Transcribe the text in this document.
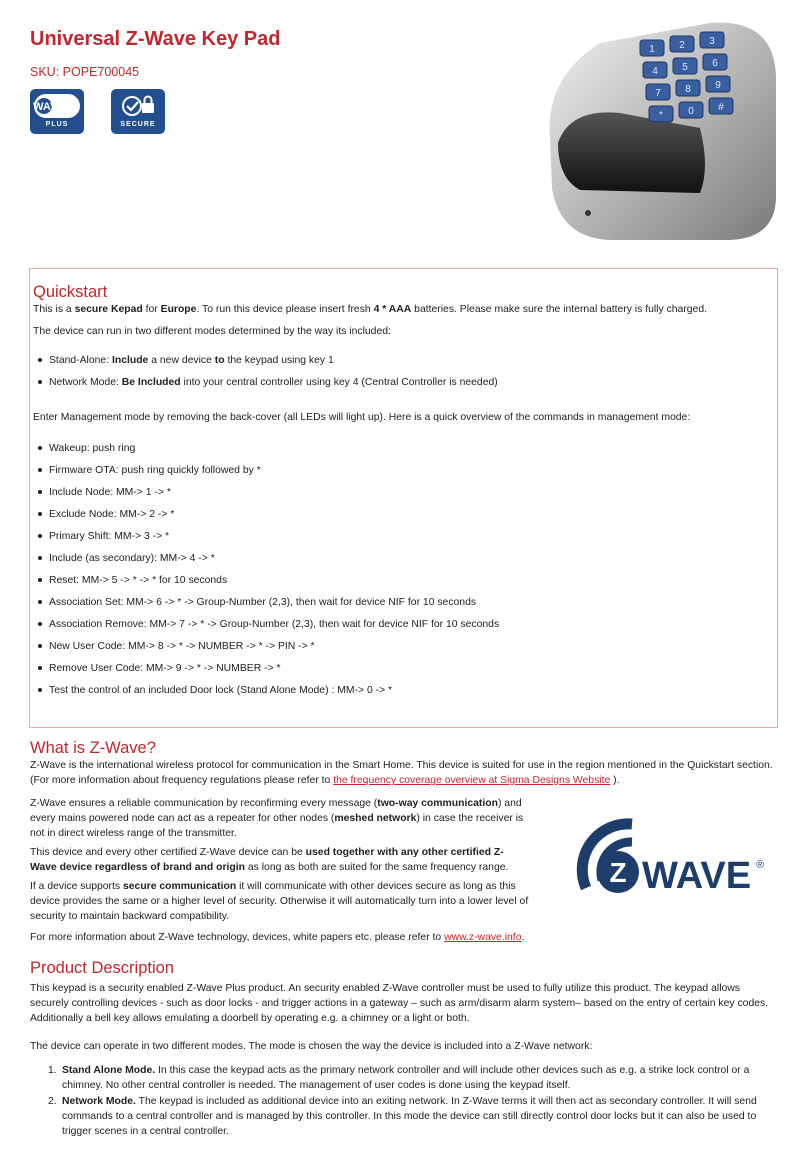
Universal Z-Wave Key Pad
SKU: POPE700045
Z WAVE
PLUS	SECURE
1 2 3
4 5 6
7 8 9
*	0 #
Quickstart
This is a secure Kepad for Europe. To run this device please insert fresh 4 * AAA batteries. Please make sure the internal battery is fully charged.
The device can run in two different modes determined by the way its included:
Stand-Alone: Include a new device to the keypad using key 1
Network Mode: Be Included into your central controller using key 4 (Central Controller is needed)
Enter Management mode by removing the back-cover (all LEDs will light up). Here is a quick overview of the commands in management mode:
Wakeup: push ring
Firmware OTA: push ring quickly followed by *
Include Node: MM-> 1 -> *
Exclude Node: MM-> 2 -> *
Primary Shift: MM-> 3 -> *
Include (as secondary): MM-> 4 -> *
Reset: MM-> 5 -> * -> * for 10 seconds
Association Set: MM-> 6 -> * -> Group-Number (2,3), then wait for device NIF for 10 seconds
Association Remove: MM-> 7 -> * -> Group-Number (2,3), then wait for device NIF for 10 seconds
New User Code: MM-> 8 -> * -> NUMBER -> * -> PIN -> *
Remove User Code: MM-> 9 -> * -> NUMBER -> *
Test the control of an included Door lock (Stand Alone Mode) : MM-> 0 -> *
What is Z-Wave?
Z-Wave is the international wireless protocol for communication in the Smart Home. This device is suited for use in the region mentioned in the Quickstart section.
(For more information about frequency regulations please refer to the frequency coverage overview at Sigma Designs Website ).
Z-Wave ensures a reliable communication by reconfirming every message (two-way communication) and every mains powered node can act as a repeater for other nodes (meshed network) in case the receiver is not in direct wireless range of the transmitter.
This device and every other certified Z-Wave device can be used together with any other certified Z-Wave device regardless of brand and origin as long as both are suited for the same frequency range.
If a device supports secure communication it will communicate with other devices secure as long as this device provides the same or a higher level of security. Otherwise it will automatically turn into a lower level of security to maintain backward compatibility.
For more information about Z-Wave technology, devices, white papers etc. please refer to www.z-wave.info.
Z WAVE ®
Product Description
This keypad is a security enabled Z-Wave Plus product. An security enabled Z-Wave controller must be used to fully utilize this product. The keypad allows securely controlling devices - such as door locks - and trigger actions in a gateway – such as arm/disarm alarm system– based on the entry of certain key codes. Additionally a bell key allows emulating a doorbell by operating e.g. a chimney or a light or both.
The device can operate in two different modes. The mode is chosen the way the device is included into a Z-Wave network:
1. Stand Alone Mode. In this case the keypad acts as the primary network controller and will include other devices such as e.g. a strike lock control or a chimney. No other central controller is needed. The management of user codes is done using the keypad itself.
2. Network Mode. The keypad is included as additional device into an exiting network. In Z-Wave terms it will then act as secondary controller. It will send commands to a central controller and is managed by this controller. In this mode the device can still directly control door locks but it can also be used to trigger scenes in a central controller.
